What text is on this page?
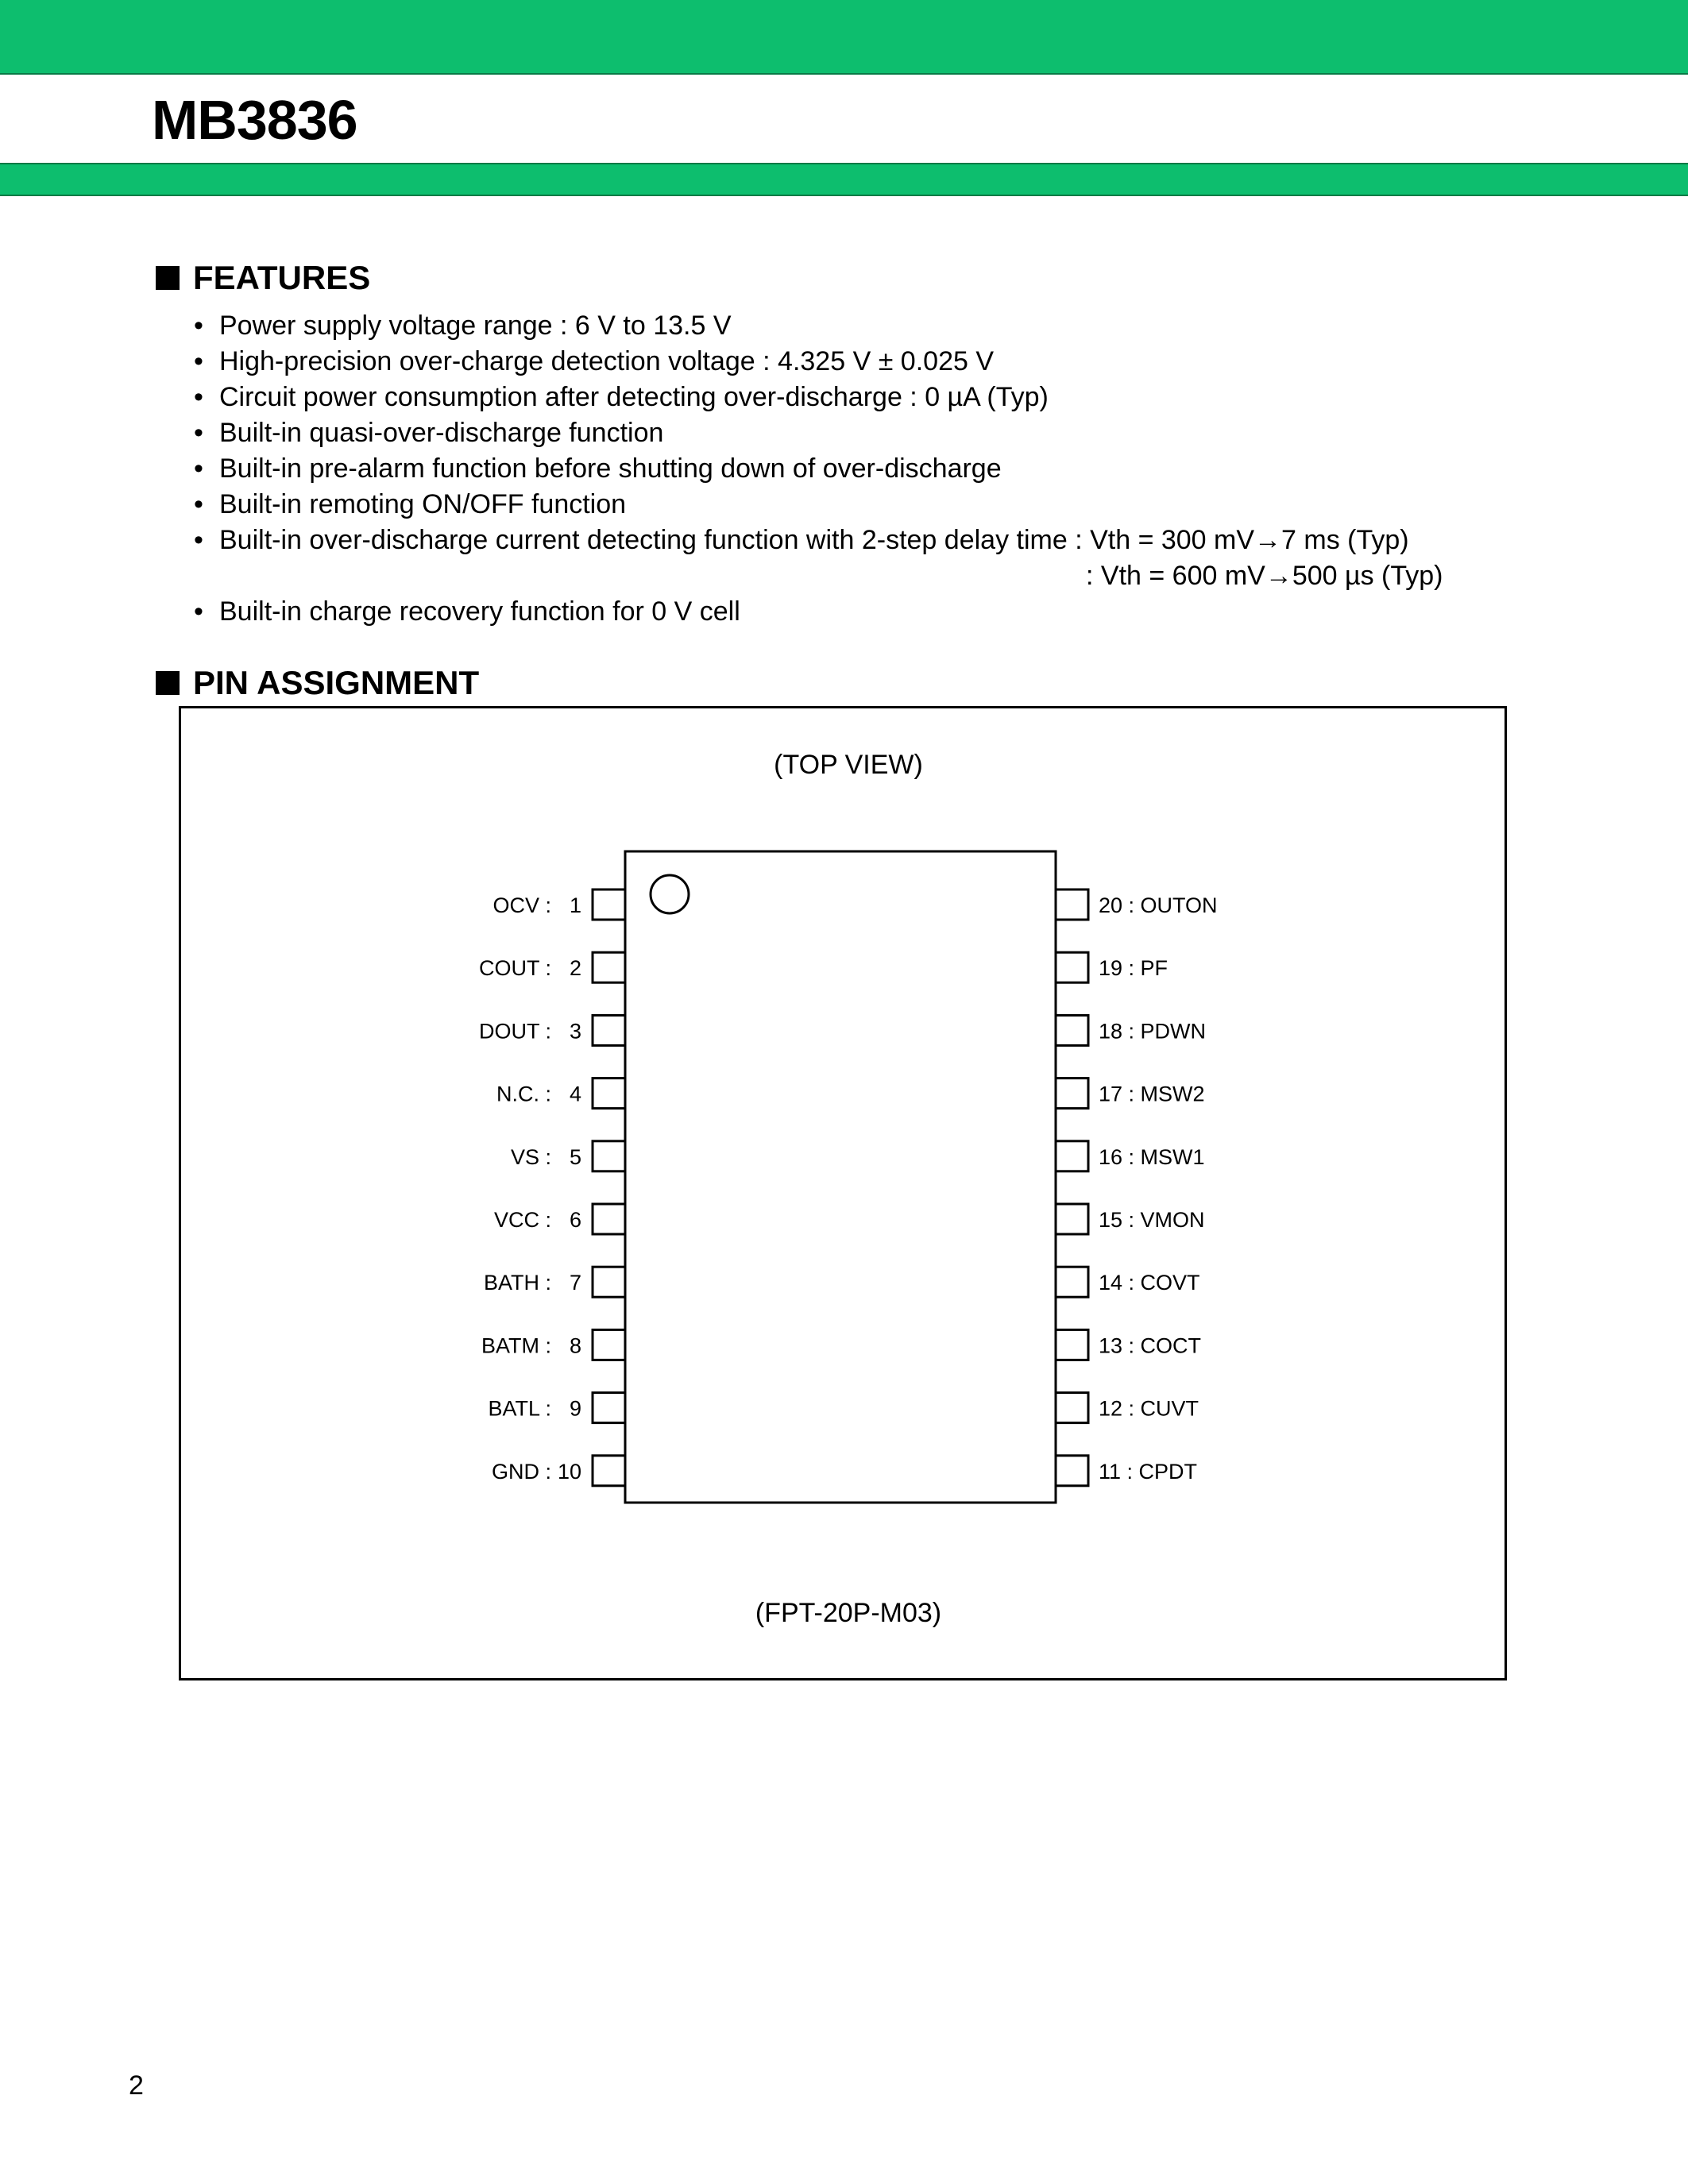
MB3836
FEATURES
• Power supply voltage range : 6 V to 13.5 V
• High-precision over-charge detection voltage : 4.325 V ± 0.025 V
• Circuit power consumption after detecting over-discharge : 0 µA (Typ)
• Built-in quasi-over-discharge function
• Built-in pre-alarm function before shutting down of over-discharge
• Built-in remoting ON/OFF function
• Built-in over-discharge current detecting function with 2-step delay time : Vth = 300 mV→7 ms (Typ)
: Vth = 600 mV→500 µs (Typ)
• Built-in charge recovery function for 0 V cell
PIN ASSIGNMENT
(TOP VIEW)
OCV : 1
COUT : 2
DOUT : 3
N.C. : 4
VS : 5
VCC : 6
BATH : 7
BATM : 8
BATL : 9
GND : 10
20 : OUTON
19 : PF
18 : PDWN
17 : MSW2
16 : MSW1
15 : VMON
14 : COVT
13 : COCT
12 : CUVT
11 : CPDT
(FPT-20P-M03)
2
